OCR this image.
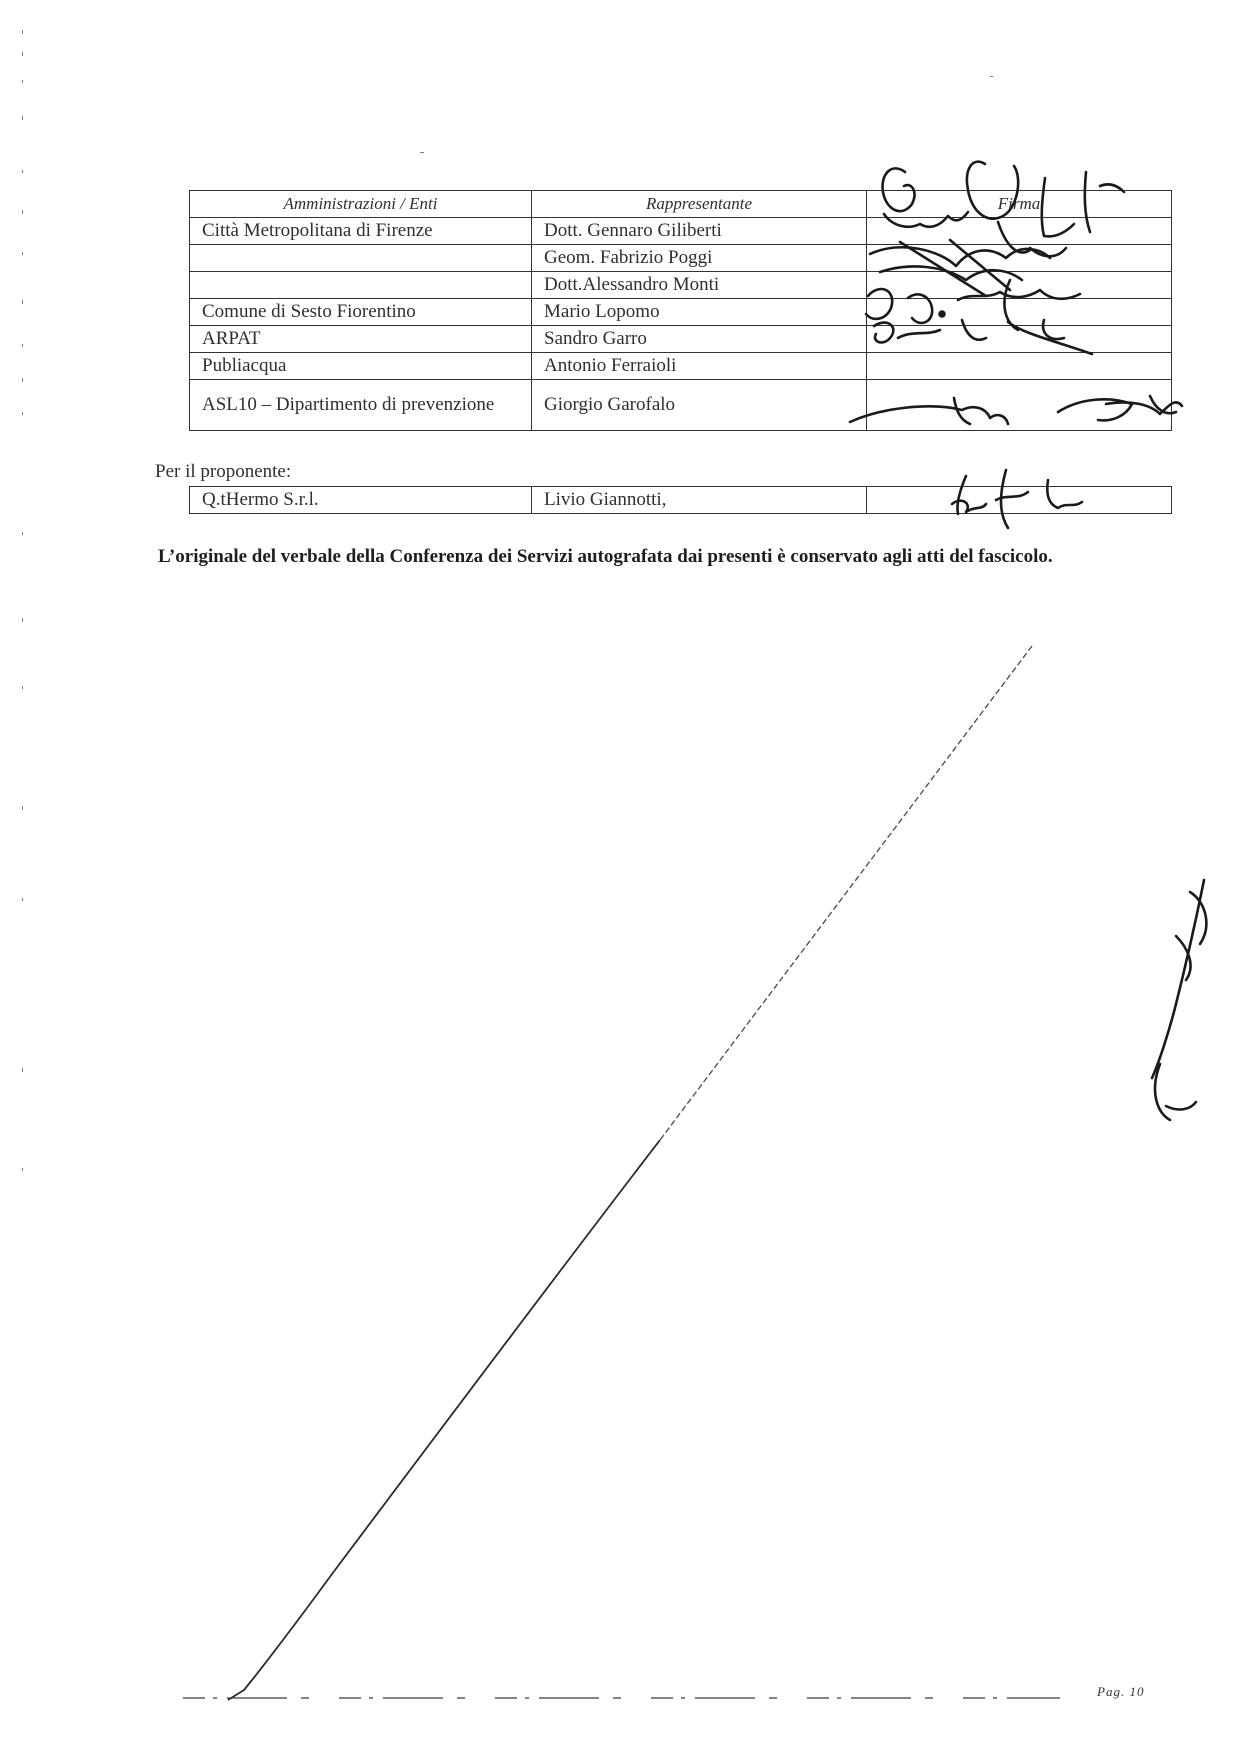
Amministrazioni / Enti	Rappresentante	Firma
Città Metropolitana di Firenze	Dott. Gennaro Giliberti	
	Geom. Fabrizio Poggi	
	Dott.Alessandro Monti	
Comune di Sesto Fiorentino	Mario Lopomo	
ARPAT	Sandro Garro	
Publiacqua	Antonio Ferraioli	
ASL10 – Dipartimento di prevenzione	Giorgio Garofalo	
Per il proponente:
Q.tHermo S.r.l.	Livio Giannotti,	
L’originale del verbale della Conferenza dei Servizi autografata dai presenti è conservato agli atti del fascicolo.
Pag. 10
